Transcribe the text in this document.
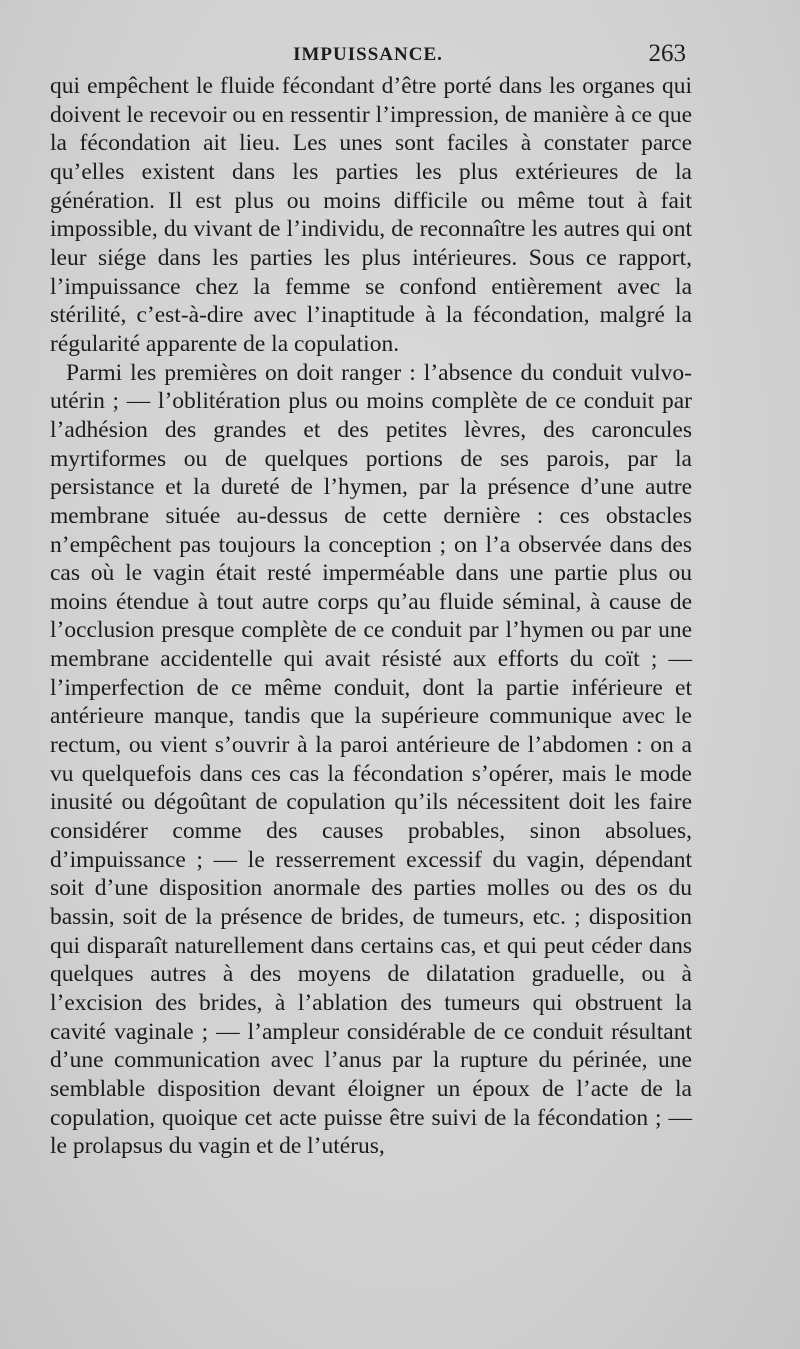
IMPUISSANCE.	263

qui empêchent le fluide fécondant d’être porté dans les organes qui doivent le recevoir ou en ressentir l’impression, de manière à ce que la fécondation ait lieu. Les unes sont faciles à constater parce qu’elles existent dans les parties les plus extérieures de la génération. Il est plus ou moins difficile ou même tout à fait impossible, du vivant de l’individu, de reconnaître les autres qui ont leur siége dans les parties les plus intérieures. Sous ce rapport, l’impuissance chez la femme se confond entièrement avec la stérilité, c’est-à-dire avec l’inaptitude à la fécondation, malgré la régularité apparente de la copulation.

Parmi les premières on doit ranger : l’absence du conduit vulvo-utérin ; — l’oblitération plus ou moins complète de ce conduit par l’adhésion des grandes et des petites lèvres, des caroncules myrtiformes ou de quelques portions de ses parois, par la persistance et la dureté de l’hymen, par la présence d’une autre membrane située au-dessus de cette dernière : ces obstacles n’empêchent pas toujours la conception ; on l’a observée dans des cas où le vagin était resté imperméable dans une partie plus ou moins étendue à tout autre corps qu’au fluide séminal, à cause de l’occlusion presque complète de ce conduit par l’hymen ou par une membrane accidentelle qui avait résisté aux efforts du coït ; — l’imperfection de ce même conduit, dont la partie inférieure et antérieure manque, tandis que la supérieure communique avec le rectum, ou vient s’ouvrir à la paroi antérieure de l’abdomen : on a vu quelquefois dans ces cas la fécondation s’opérer, mais le mode inusité ou dégoûtant de copulation qu’ils nécessitent doit les faire considérer comme des causes probables, sinon absolues, d’impuissance ; — le resserrement excessif du vagin, dépendant soit d’une disposition anormale des parties molles ou des os du bassin, soit de la présence de brides, de tumeurs, etc. ; disposition qui disparaît naturellement dans certains cas, et qui peut céder dans quelques autres à des moyens de dilatation graduelle, ou à l’excision des brides, à l’ablation des tumeurs qui obstruent la cavité vaginale ; — l’ampleur considérable de ce conduit résultant d’une communication avec l’anus par la rupture du périnée, une semblable disposition devant éloigner un époux de l’acte de la copulation, quoique cet acte puisse être suivi de la fécondation ; — le prolapsus du vagin et de l’utérus,
